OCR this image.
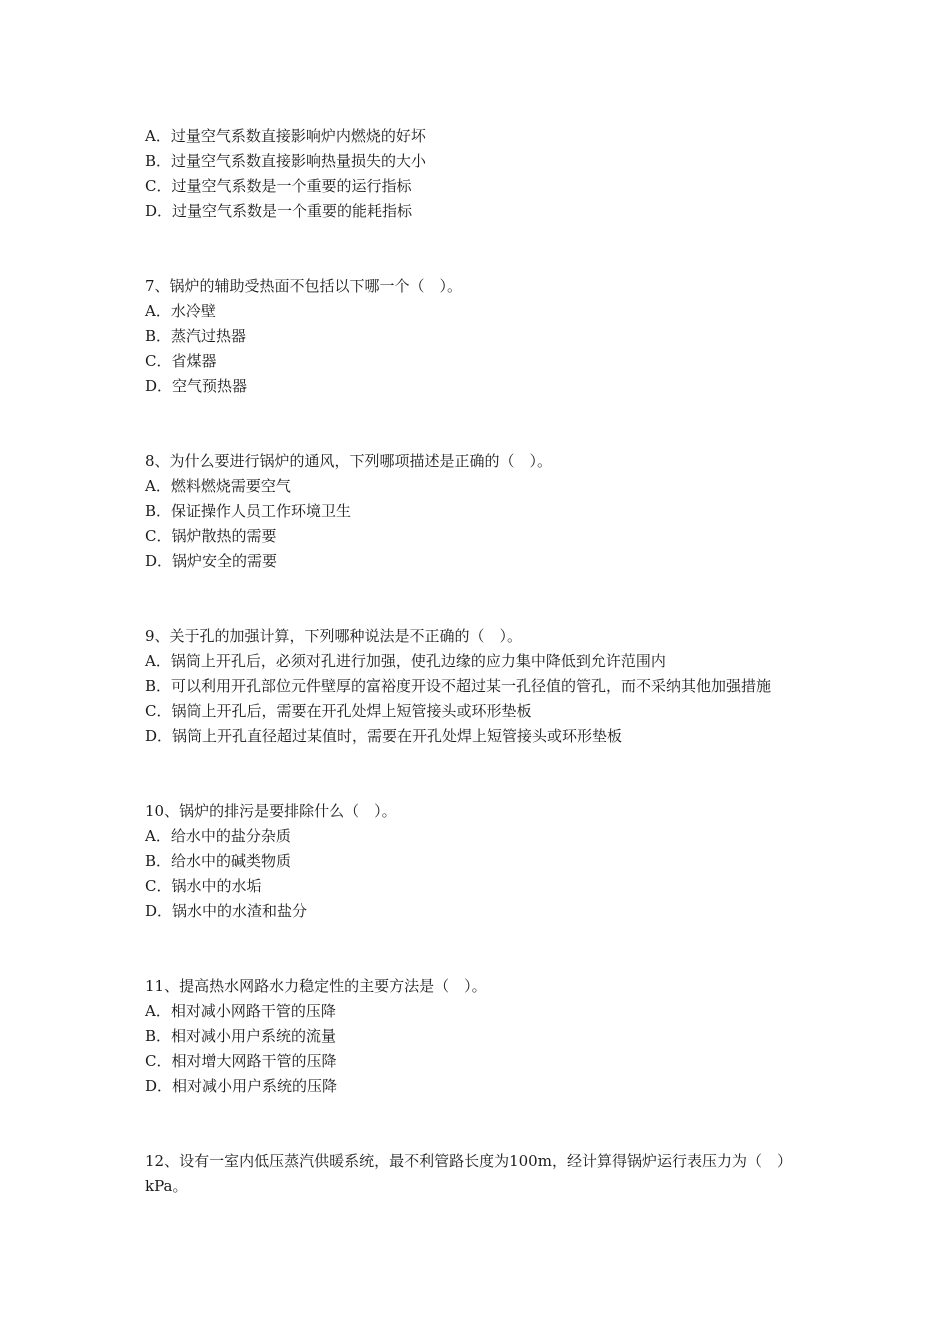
A．过量空气系数直接影响炉内燃烧的好坏
B．过量空气系数直接影响热量损失的大小
C．过量空气系数是一个重要的运行指标
D．过量空气系数是一个重要的能耗指标
7、锅炉的辅助受热面不包括以下哪一个（　）。
A．水冷壁
B．蒸汽过热器
C．省煤器
D．空气预热器
8、为什么要进行锅炉的通风，下列哪项描述是正确的（　）。
A．燃料燃烧需要空气
B．保证操作人员工作环境卫生
C．锅炉散热的需要
D．锅炉安全的需要
9、关于孔的加强计算，下列哪种说法是不正确的（　）。
A．锅筒上开孔后，必须对孔进行加强，使孔边缘的应力集中降低到允许范围内
B．可以利用开孔部位元件壁厚的富裕度开设不超过某一孔径值的管孔，而不采纳其他加强措施
C．锅筒上开孔后，需要在开孔处焊上短管接头或环形垫板
D．锅筒上开孔直径超过某值时，需要在开孔处焊上短管接头或环形垫板
10、锅炉的排污是要排除什么（　）。
A．给水中的盐分杂质
B．给水中的碱类物质
C．锅水中的水垢
D．锅水中的水渣和盐分
11、提高热水网路水力稳定性的主要方法是（　）。
A．相对减小网路干管的压降
B．相对减小用户系统的流量
C．相对增大网路干管的压降
D．相对减小用户系统的压降
12、设有一室内低压蒸汽供暖系统，最不利管路长度为100m，经计算得锅炉运行表压力为（　）kPa。
